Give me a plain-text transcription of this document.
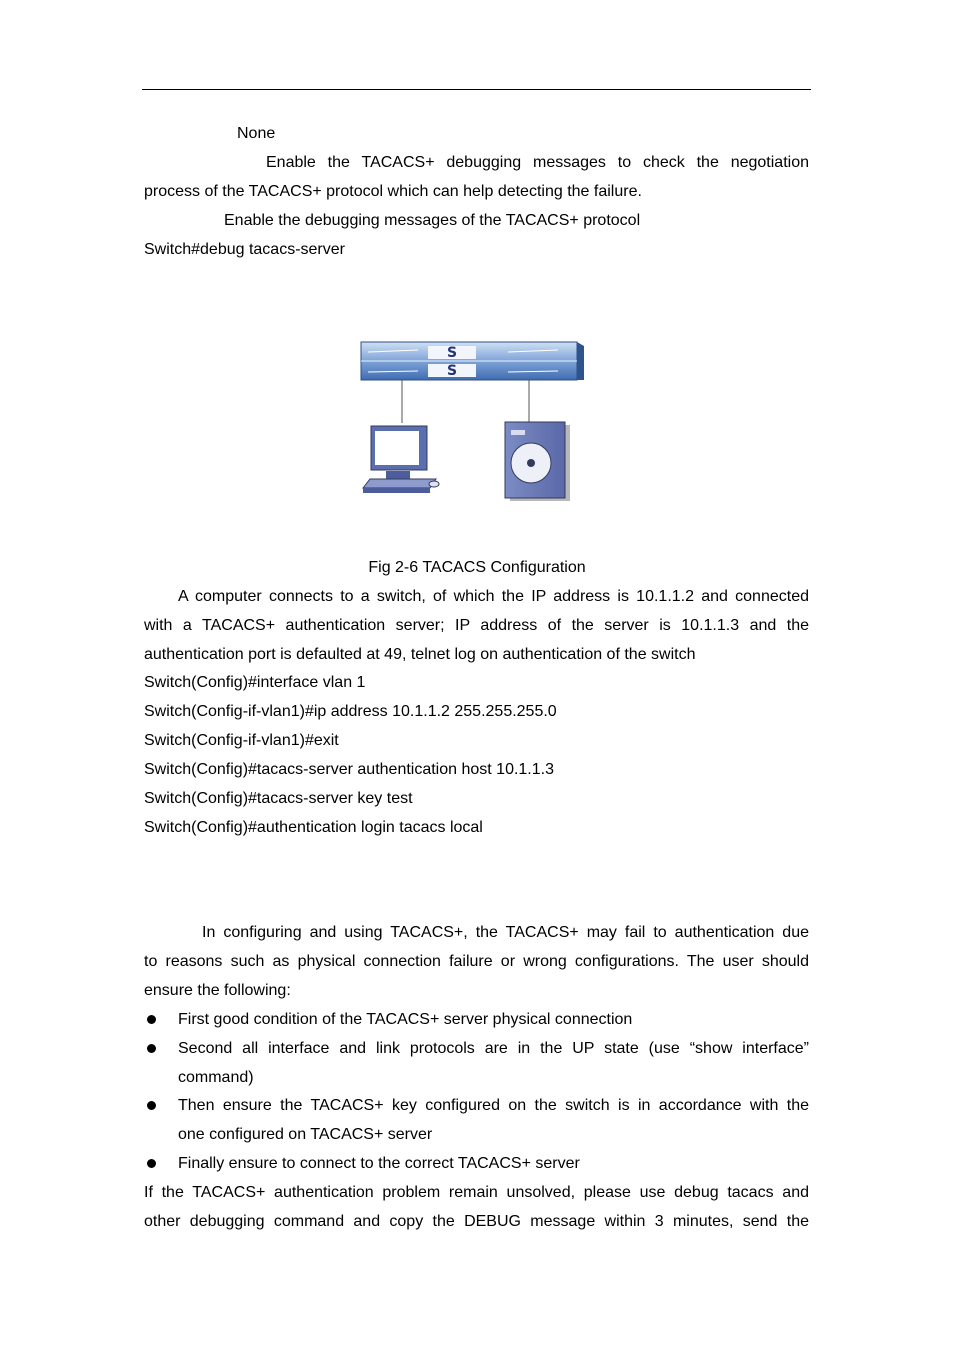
None
Enable the TACACS+ debugging messages to check the negotiation
process of the TACACS+ protocol which can help detecting the failure.
Enable the debugging messages of the TACACS+ protocol
Switch#debug tacacs-server
S
S
Fig 2-6 TACACS Configuration
A computer connects to a switch, of which the IP address is 10.1.1.2 and connected
with a TACACS+ authentication server; IP address of the server is 10.1.1.3 and the
authentication port is defaulted at 49, telnet log on authentication of the switch
Switch(Config)#interface vlan 1
Switch(Config-if-vlan1)#ip address 10.1.1.2 255.255.255.0
Switch(Config-if-vlan1)#exit
Switch(Config)#tacacs-server authentication host 10.1.1.3
Switch(Config)#tacacs-server key test
Switch(Config)#authentication login tacacs local
In configuring and using TACACS+, the TACACS+ may fail to authentication due
to reasons such as physical connection failure or wrong configurations. The user should
ensure the following:
First good condition of the TACACS+ server physical connection
Second all interface and link protocols are in the UP state (use “show interface”
command)
Then ensure the TACACS+ key configured on the switch is in accordance with the
one configured on TACACS+ server
Finally ensure to connect to the correct TACACS+ server
If the TACACS+ authentication problem remain unsolved, please use debug tacacs and
other debugging command and copy the DEBUG message within 3 minutes, send the
